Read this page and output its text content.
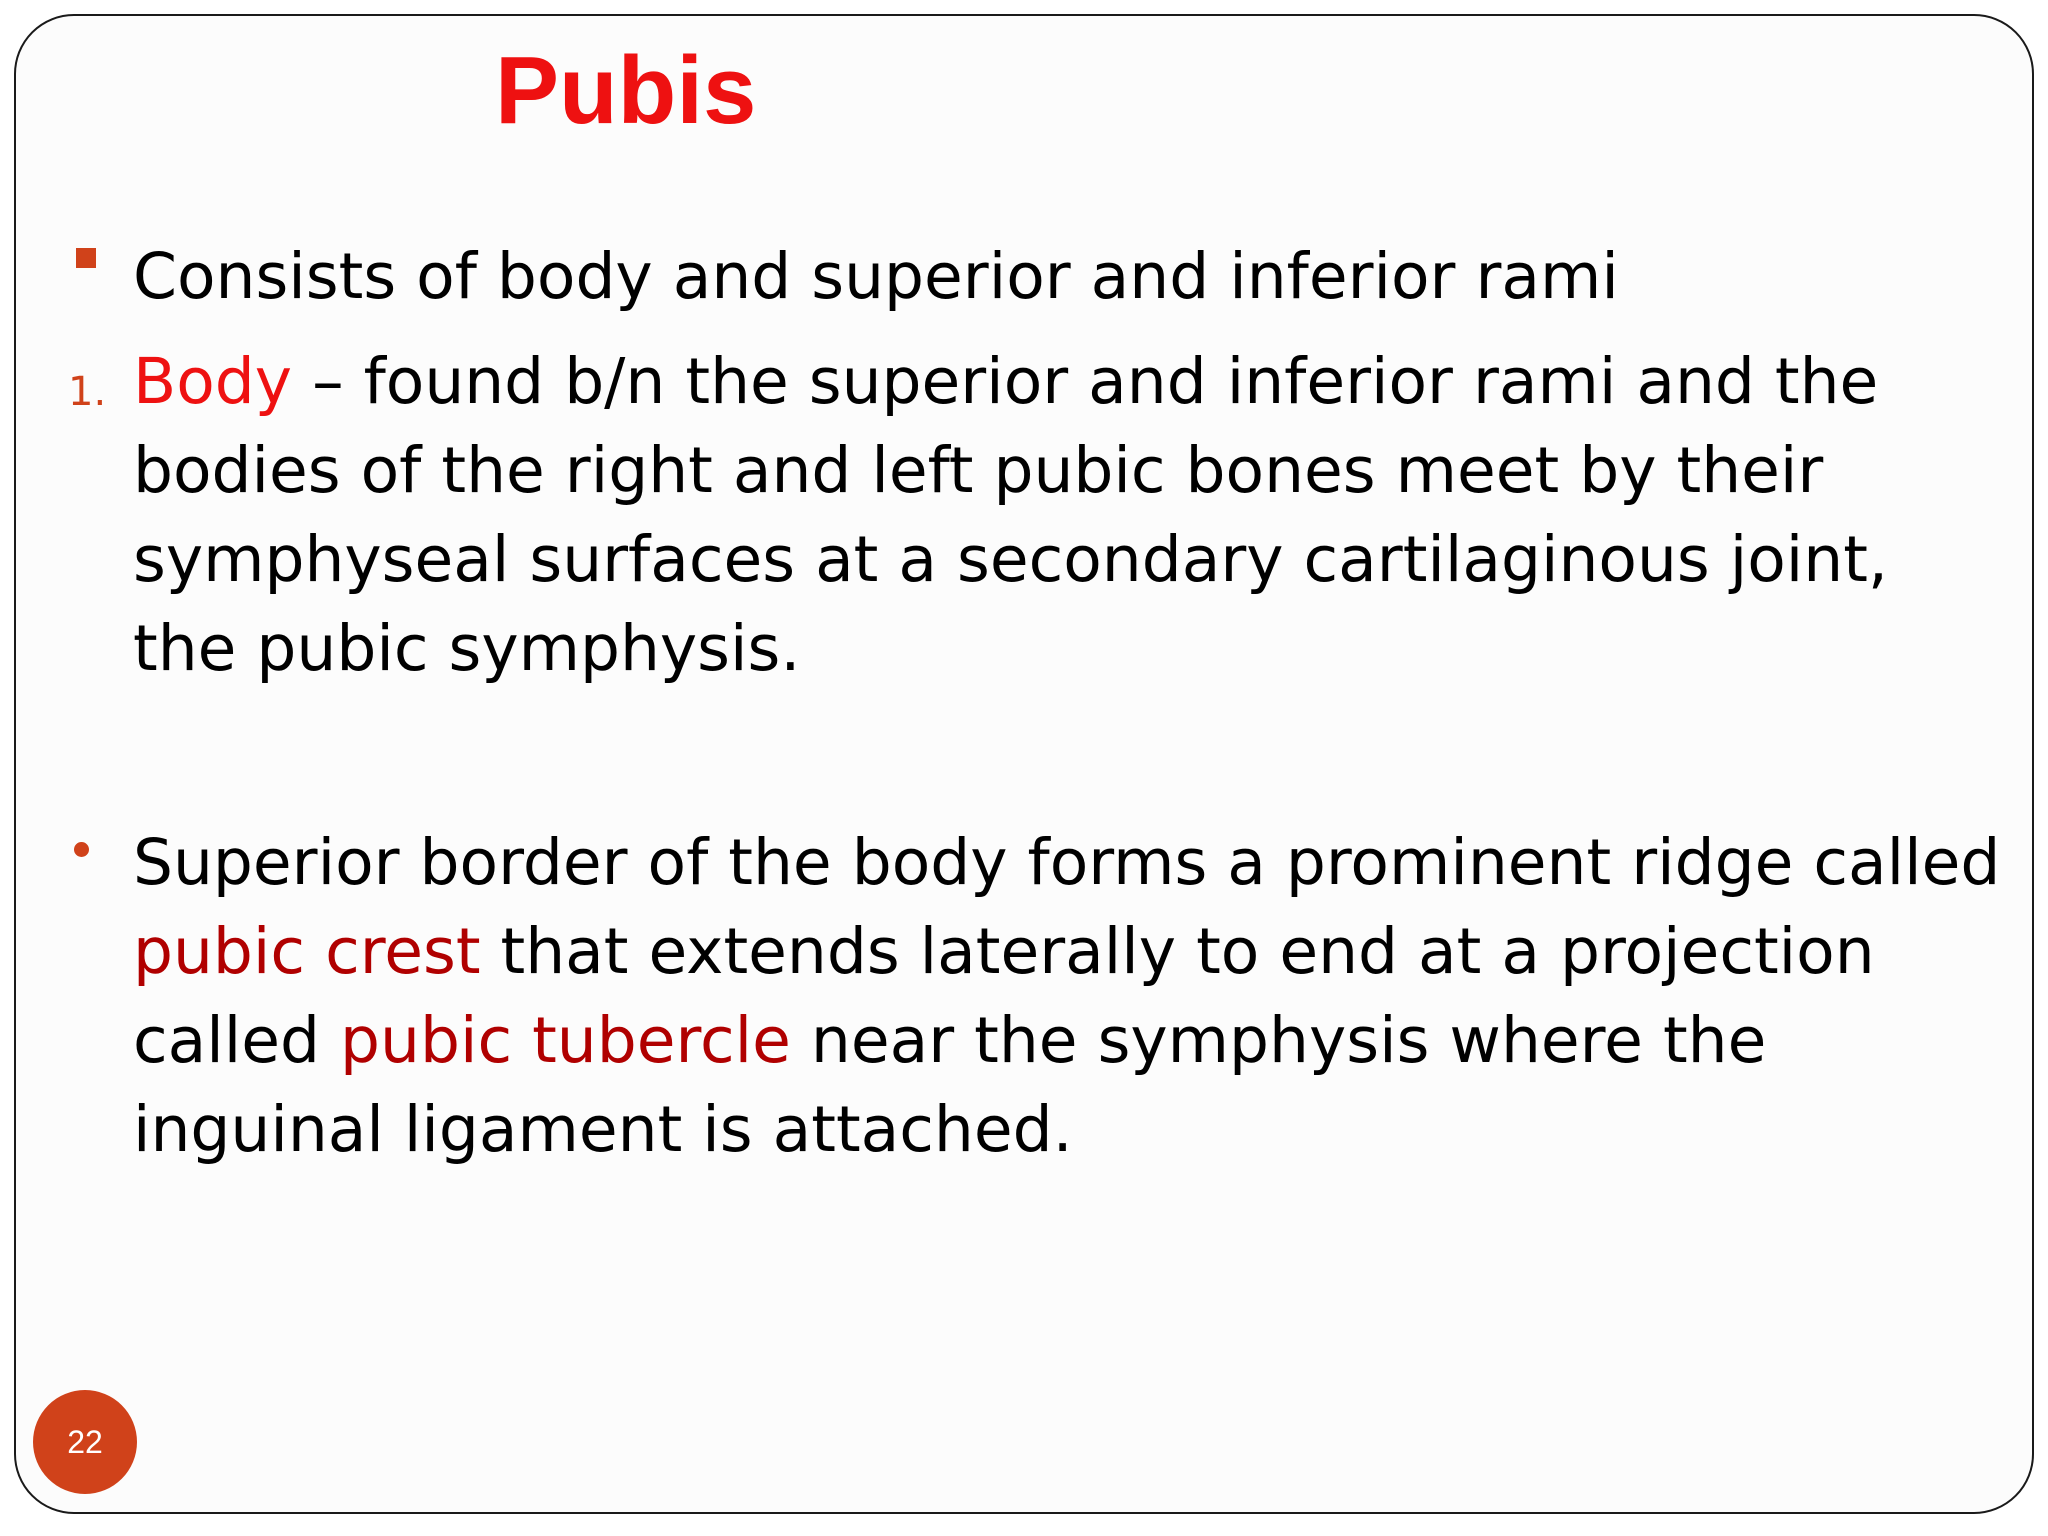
Pubis
1.

Consists of body and superior and inferior rami

Body – found b/n the superior and inferior rami and the bodies of the right and left pubic bones meet by their symphyseal surfaces at a secondary cartilaginous joint, the pubic symphysis.

Superior border of the body forms a prominent ridge called pubic crest that extends laterally to end at a projection called pubic tubercle near the symphysis where the inguinal ligament is attached.

22
